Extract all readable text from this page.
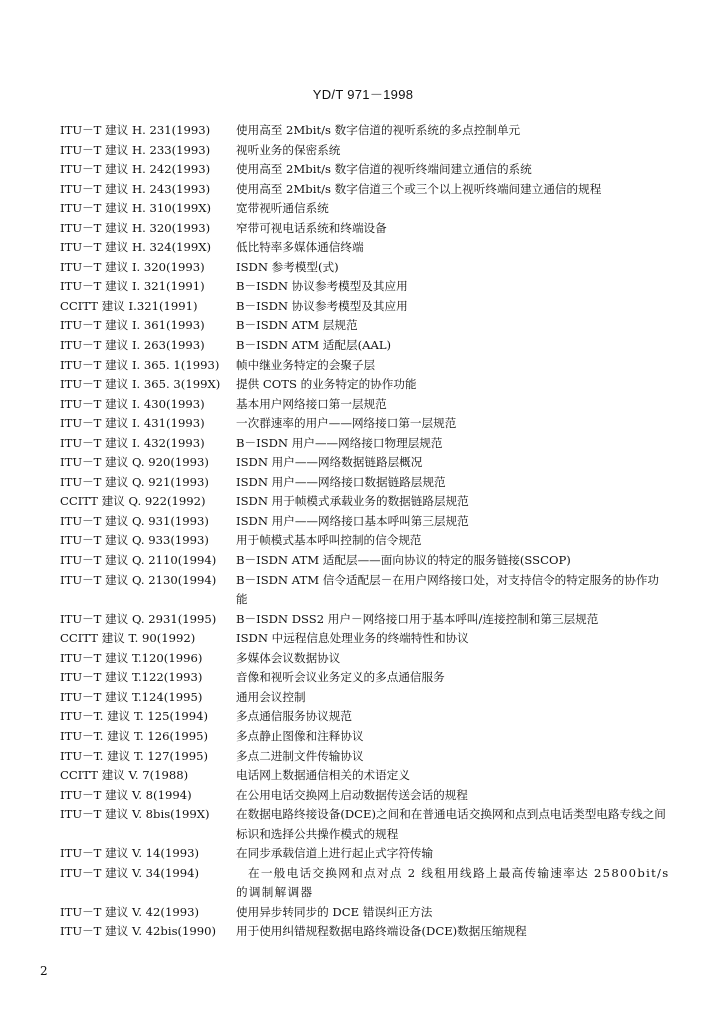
YD/T 971－1998
ITU－T 建议 H. 231(1993)	使用高至 2Mbit/s 数字信道的视听系统的多点控制单元
ITU－T 建议 H. 233(1993)	视听业务的保密系统
ITU－T 建议 H. 242(1993)	使用高至 2Mbit/s 数字信道的视听终端间建立通信的系统
ITU－T 建议 H. 243(1993)	使用高至 2Mbit/s 数字信道三个或三个以上视听终端间建立通信的规程
ITU－T 建议 H. 310(199X)	宽带视听通信系统
ITU－T 建议 H. 320(1993)	窄带可视电话系统和终端设备
ITU－T 建议 H. 324(199X)	低比特率多媒体通信终端
ITU－T 建议 I. 320(1993)	ISDN 参考模型(式)
ITU－T 建议 I. 321(1991)	B－ISDN 协议参考模型及其应用
CCITT 建议 I.321(1991)	B－ISDN 协议参考模型及其应用
ITU－T 建议 I. 361(1993)	B－ISDN ATM 层规范
ITU－T 建议 I. 263(1993)	B－ISDN ATM 适配层(AAL)
ITU－T 建议 I. 365. 1(1993)	帧中继业务特定的会聚子层
ITU－T 建议 I. 365. 3(199X)	提供 COTS 的业务特定的协作功能
ITU－T 建议 I. 430(1993)	基本用户网络接口第一层规范
ITU－T 建议 I. 431(1993)	一次群速率的用户——网络接口第一层规范
ITU－T 建议 I. 432(1993)	B－ISDN 用户——网络接口物理层规范
ITU－T 建议 Q. 920(1993)	ISDN 用户——网络数据链路层概况
ITU－T 建议 Q. 921(1993)	ISDN 用户——网络接口数据链路层规范
CCITT 建议 Q. 922(1992)	ISDN 用于帧模式承载业务的数据链路层规范
ITU－T 建议 Q. 931(1993)	ISDN 用户——网络接口基本呼叫第三层规范
ITU－T 建议 Q. 933(1993)	用于帧模式基本呼叫控制的信令规范
ITU－T 建议 Q. 2110(1994)	B－ISDN ATM 适配层——面向协议的特定的服务链接(SSCOP)
ITU－T 建议 Q. 2130(1994)	B－ISDN ATM 信令适配层－在用户网络接口处，对支持信令的特定服务的协作功能
ITU－T 建议 Q. 2931(1995)	B－ISDN DSS2 用户－网络接口用于基本呼叫/连接控制和第三层规范
CCITT 建议 T. 90(1992)	ISDN 中远程信息处理业务的终端特性和协议
ITU－T 建议 T.120(1996)	多媒体会议数据协议
ITU－T 建议 T.122(1993)	音像和视听会议业务定义的多点通信服务
ITU－T 建议 T.124(1995)	通用会议控制
ITU－T. 建议 T. 125(1994)	多点通信服务协议规范
ITU－T. 建议 T. 126(1995)	多点静止图像和注释协议
ITU－T. 建议 T. 127(1995)	多点二进制文件传输协议
CCITT 建议 V. 7(1988)	电话网上数据通信相关的术语定义
ITU－T 建议 V. 8(1994)	在公用电话交换网上启动数据传送会话的规程
ITU－T 建议 V. 8bis(199X)	在数据电路终接设备(DCE)之间和在普通电话交换网和点到点电话类型电路专线之间标识和选择公共操作模式的规程
ITU－T 建议 V. 14(1993)	在同步承载信道上进行起止式字符传输
ITU－T 建议 V. 34(1994)	在一般电话交换网和点对点 2 线租用线路上最高传输速率达 25800bit/s 的调制解调器
ITU－T 建议 V. 42(1993)	使用异步转同步的 DCE 错误纠正方法
ITU－T 建议 V. 42bis(1990)	用于使用纠错规程数据电路终端设备(DCE)数据压缩规程
2
